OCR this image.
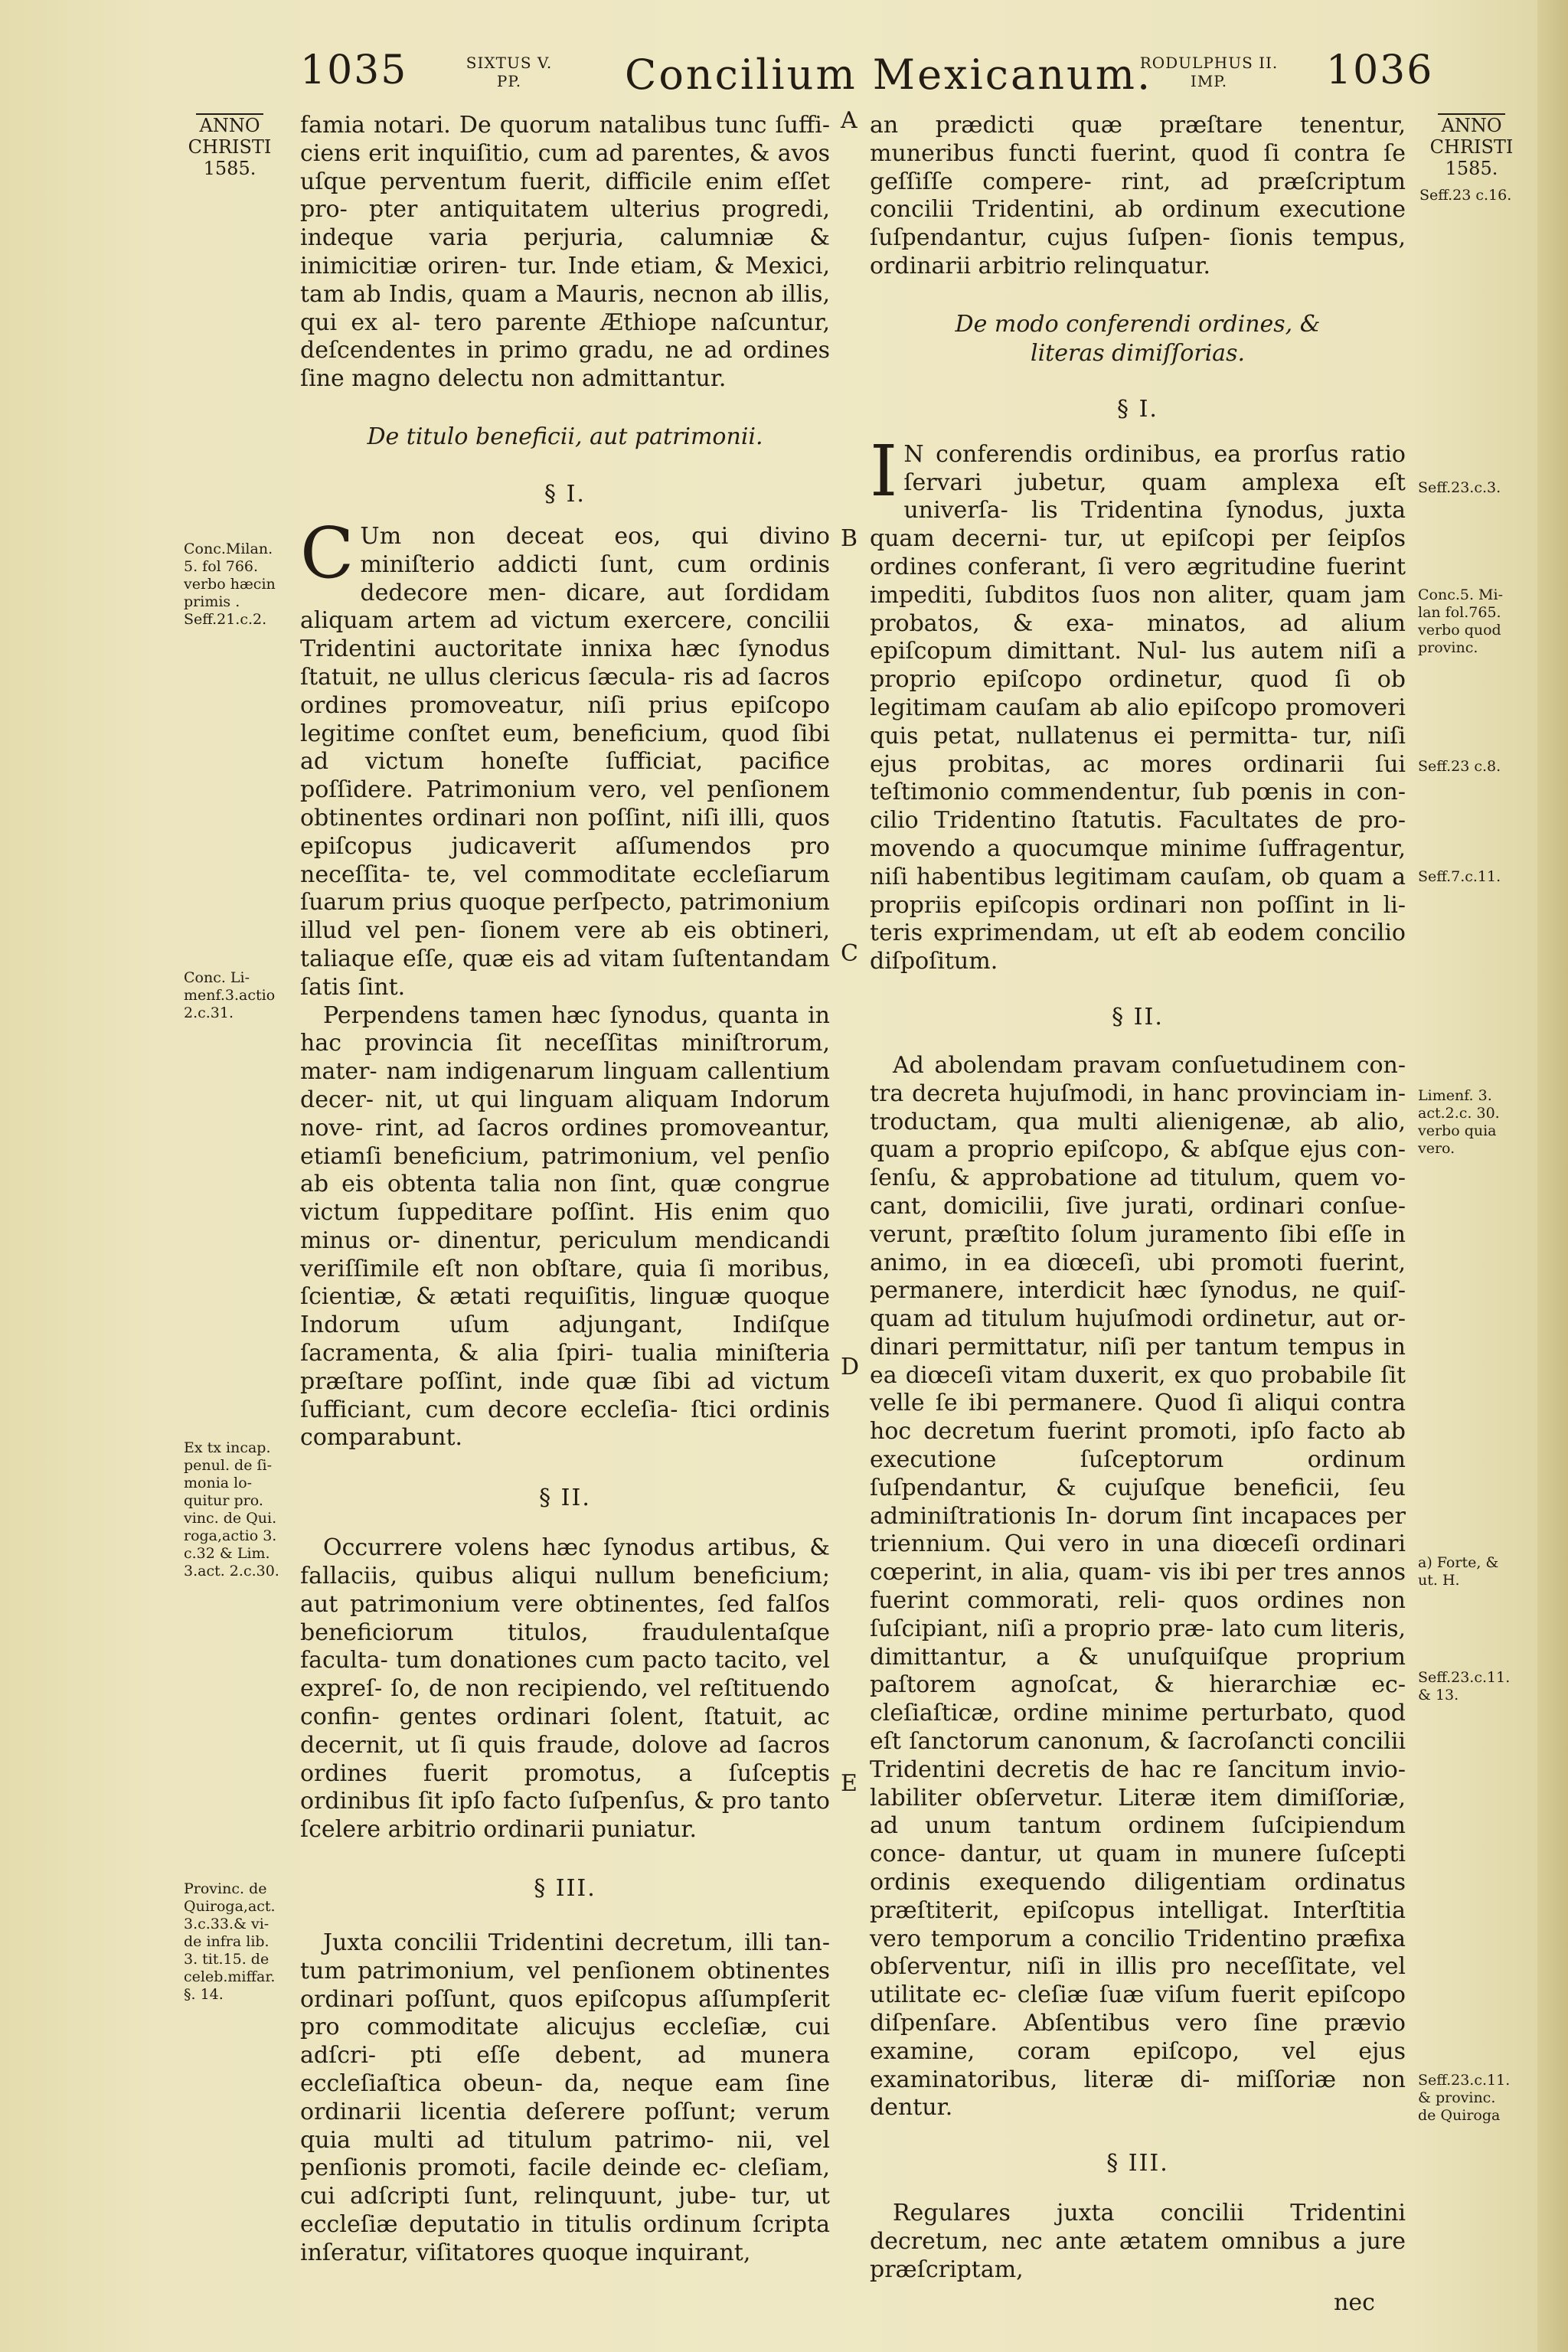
1035	SIXTUS V.
PP.	Concilium Mexicanum.
RODULPHUS II.
IMP.	1036
ANNO
CHRISTI
1585.
ANNO
CHRISTI
1585.
A
B
C
D
E
Conc.Milan.
5. fol 766.
verbo hæcin
primis .
Seff.21.c.2.
Conc. Li-
menf.3.actio
2.c.31.
Ex tx incap.
penul. de ſi-
monia lo-
quitur pro.
vinc. de Qui.
roga,actio 3.
c.32 & Lim.
3.act. 2.c.30.
Provinc. de
Quiroga,act.
3.c.33.& vi-
de infra lib.
3. tit.15. de
celeb.miffar.
§. 14.
Seff.23 c.16.
Seff.23.c.3.
Conc.5. Mi-
lan fol.765.
verbo quod
provinc.
Seff.23 c.8.
Seff.7.c.11.
Limenf. 3.
act.2.c. 30.
verbo quia
vero.
a) Forte, &
ut. H.
Seff.23.c.11.
& 13.
Seff.23.c.11.
& provinc.
de Quiroga

famia notari. De quorum natalibus tunc ſuffi- ciens erit inquiſitio, cum ad parentes, & avos uſque perventum fuerit, difficile enim eſſet pro- pter antiquitatem ulterius progredi, indeque varia perjuria, calumniæ & inimicitiæ oriren- tur. Inde etiam, & Mexici, tam ab Indis, quam a Mauris, necnon ab illis, qui ex al- tero parente Æthiope naſcuntur, deſcendentes in primo gradu, ne ad ordines ſine magno delectu non admittantur.

De titulo beneficii, aut patrimonii.
§ I.

C Um non deceat eos, qui divino miniſterio addicti ſunt, cum ordinis dedecore men- dicare, aut ſordidam aliquam artem ad victum exercere, concilii Tridentini auctoritate innixa hæc ſynodus ſtatuit, ne ullus clericus ſæcula- ris ad ſacros ordines promoveatur, niſi prius epiſcopo legitime conſtet eum, beneficium, quod ſibi ad victum honeſte ſufficiat, pacifice poſſidere. Patrimonium vero, vel penſionem obtinentes ordinari non poſſint, niſi illi, quos epiſcopus judicaverit aſſumendos pro neceſſita- te, vel commoditate eccleſiarum ſuarum prius quoque perſpecto, patrimonium illud vel pen- ſionem vere ab eis obtineri, taliaque eſſe, quæ eis ad vitam ſuſtentandam ſatis ſint.

Perpendens tamen hæc ſynodus, quanta in hac provincia ſit neceſſitas miniſtrorum, mater- nam indigenarum linguam callentium decer- nit, ut qui linguam aliquam Indorum nove- rint, ad ſacros ordines promoveantur, etiamſi beneficium, patrimonium, vel penſio ab eis obtenta talia non ſint, quæ congrue victum ſuppeditare poſſint. His enim quo minus or- dinentur, periculum mendicandi veriſſimile eſt non obſtare, quia ſi moribus, ſcientiæ, & ætati requiſitis, linguæ quoque Indorum uſum adjungant, Indiſque ſacramenta, & alia ſpiri- tualia miniſteria præſtare poſſint, inde quæ ſibi ad victum ſufficiant, cum decore eccleſia- ſtici ordinis comparabunt.

§ II.

Occurrere volens hæc ſynodus artibus, & fallaciis, quibus aliqui nullum beneficium; aut patrimonium vere obtinentes, ſed falſos beneficiorum titulos, fraudulentaſque faculta- tum donationes cum pacto tacito, vel expreſ- ſo, de non recipiendo, vel reſtituendo confin- gentes ordinari ſolent, ſtatuit, ac decernit, ut ſi quis fraude, dolove ad ſacros ordines fuerit promotus, a ſuſceptis ordinibus ſit ipſo facto ſuſpenſus, & pro tanto ſcelere arbitrio ordinarii puniatur.

§ III.

Juxta concilii Tridentini decretum, illi tan- tum patrimonium, vel penſionem obtinentes ordinari poſſunt, quos epiſcopus aſſumpſerit pro commoditate alicujus eccleſiæ, cui adſcri- pti eſſe debent, ad munera eccleſiaſtica obeun- da, neque eam ſine ordinarii licentia deſerere poſſunt; verum quia multi ad titulum patrimo- nii, vel penſionis promoti, facile deinde ec- cleſiam, cui adſcripti ſunt, relinquunt, jube- tur, ut eccleſiæ deputatio in titulis ordinum ſcripta inſeratur, viſitatores quoque inquirant,

an prædicti quæ præſtare tenentur, muneribus functi fuerint, quod ſi contra ſe geſſiſſe compere- rint, ad præſcriptum concilii Tridentini, ab ordinum executione ſuſpendantur, cujus ſuſpen- ſionis tempus, ordinarii arbitrio relinquatur.

De modo conferendi ordines, & literas dimiſſorias.
§ I.

I N conferendis ordinibus, ea prorſus ratio ſervari jubetur, quam amplexa eſt univerſa- lis Tridentina ſynodus, juxta quam decerni- tur, ut epiſcopi per ſeipſos ordines conferant, ſi vero ægritudine fuerint impediti, ſubditos ſuos non aliter, quam jam probatos, & exa- minatos, ad alium epiſcopum dimittant. Nul- lus autem niſi a proprio epiſcopo ordinetur, quod ſi ob legitimam cauſam ab alio epiſcopo promoveri quis petat, nullatenus ei permitta- tur, niſi ejus probitas, ac mores ordinarii ſui teſtimonio commendentur, ſub pœnis in con- cilio Tridentino ſtatutis. Facultates de pro- movendo a quocumque minime ſuffragentur, niſi habentibus legitimam cauſam, ob quam a propriis epiſcopis ordinari non poſſint in li- teris exprimendam, ut eſt ab eodem concilio diſpoſitum.

§ II.

Ad abolendam pravam conſuetudinem con- tra decreta hujuſmodi, in hanc provinciam in- troductam, qua multi alienigenæ, ab alio, quam a proprio epiſcopo, & abſque ejus con- ſenſu, & approbatione ad titulum, quem vo- cant, domicilii, ſive jurati, ordinari conſue- verunt, præſtito ſolum juramento ſibi eſſe in animo, in ea diœceſi, ubi promoti fuerint, permanere, interdicit hæc ſynodus, ne quiſ- quam ad titulum hujuſmodi ordinetur, aut or- dinari permittatur, niſi per tantum tempus in ea diœceſi vitam duxerit, ex quo probabile ſit velle ſe ibi permanere. Quod ſi aliqui contra hoc decretum fuerint promoti, ipſo facto ab executione ſuſceptorum ordinum ſuſpendantur, & cujuſque beneficii, ſeu adminiſtrationis In- dorum ſint incapaces per triennium. Qui vero in una diœceſi ordinari cœperint, in alia, quam- vis ibi per tres annos fuerint commorati, reli- quos ordines non ſuſcipiant, niſi a proprio præ- lato cum literis, dimittantur, a & unuſquiſque proprium paſtorem agnoſcat, & hierarchiæ ec- cleſiaſticæ, ordine minime perturbato, quod eſt ſanctorum canonum, & ſacroſancti concilii Tridentini decretis de hac re ſancitum invio- labiliter obſervetur. Literæ item dimiſſoriæ, ad unum tantum ordinem ſuſcipiendum conce- dantur, ut quam in munere ſuſcepti ordinis exequendo diligentiam ordinatus præſtiterit, epiſcopus intelligat. Interſtitia vero temporum a concilio Tridentino præfixa obſerventur, niſi in illis pro neceſſitate, vel utilitate ec- cleſiæ ſuæ viſum fuerit epiſcopo diſpenſare. Abſentibus vero ſine prævio examine, coram epiſcopo, vel ejus examinatoribus, literæ di- miſſoriæ non dentur.

§ III.

Regulares juxta concilii Tridentini decretum, nec ante ætatem omnibus a jure præſcriptam,

nec
